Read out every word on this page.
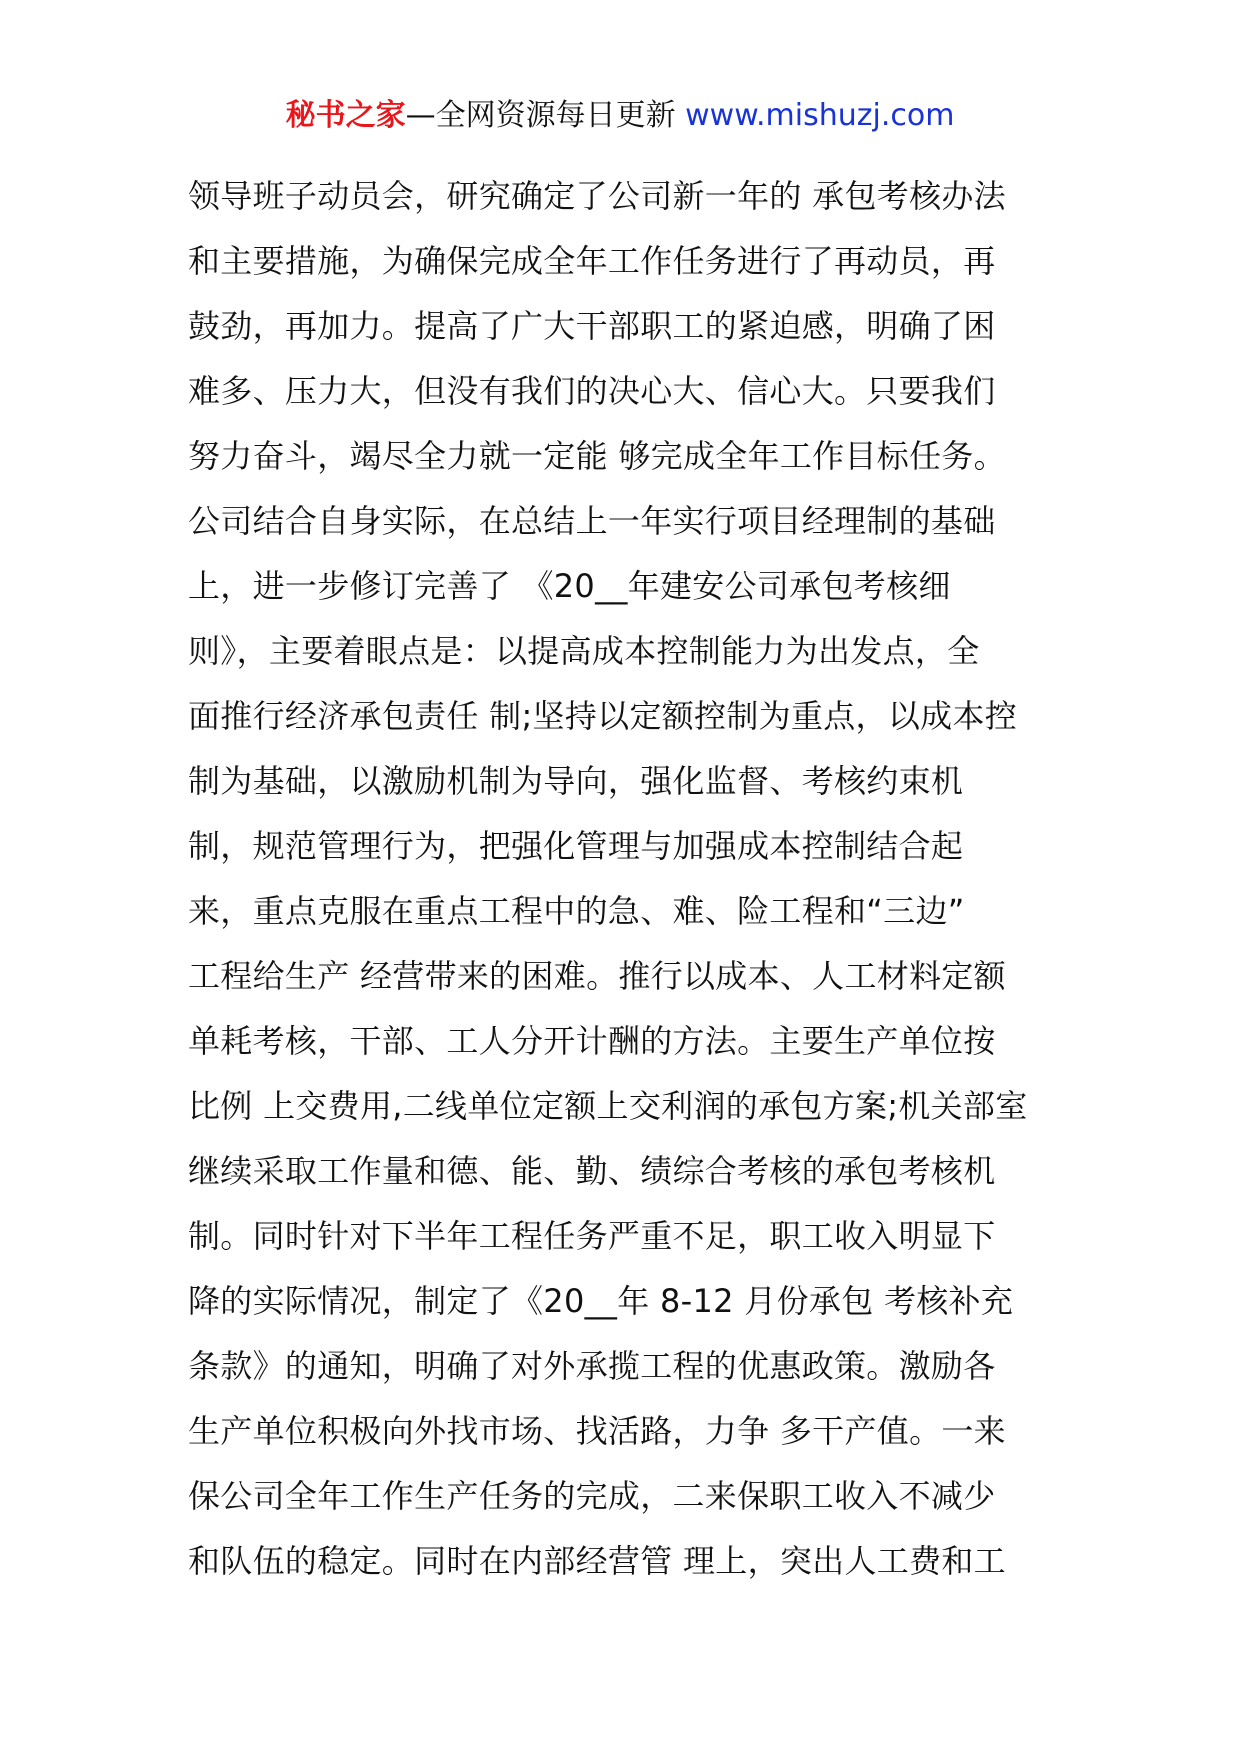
秘书之家—全网资源每日更新 www.mishuzj.com
领导班子动员会，研究确定了公司新一年的 承包考核办法
和主要措施，为确保完成全年工作任务进行了再动员，再
鼓劲，再加力。提高了广大干部职工的紧迫感，明确了困
难多、压力大，但没有我们的决心大、信心大。只要我们
努力奋斗，竭尽全力就一定能 够完成全年工作目标任务。
公司结合自身实际，在总结上一年实行项目经理制的基础
上，进一步修订完善了 《20__年建安公司承包考核细
则》，主要着眼点是：以提高成本控制能力为出发点，全
面推行经济承包责任 制;坚持以定额控制为重点，以成本控
制为基础，以激励机制为导向，强化监督、考核约束机
制，规范管理行为，把强化管理与加强成本控制结合起
来，重点克服在重点工程中的急、难、险工程和“三边”
工程给生产 经营带来的困难。推行以成本、人工材料定额
单耗考核，干部、工人分开计酬的方法。主要生产单位按
比例 上交费用,二线单位定额上交利润的承包方案;机关部室
继续采取工作量和德、能、勤、绩综合考核的承包考核机
制。同时针对下半年工程任务严重不足，职工收入明显下
降的实际情况，制定了《20__年 8-12 月份承包 考核补充
条款》的通知，明确了对外承揽工程的优惠政策。激励各
生产单位积极向外找市场、找活路，力争 多干产值。一来
保公司全年工作生产任务的完成，二来保职工收入不减少
和队伍的稳定。同时在内部经营管 理上，突出人工费和工
